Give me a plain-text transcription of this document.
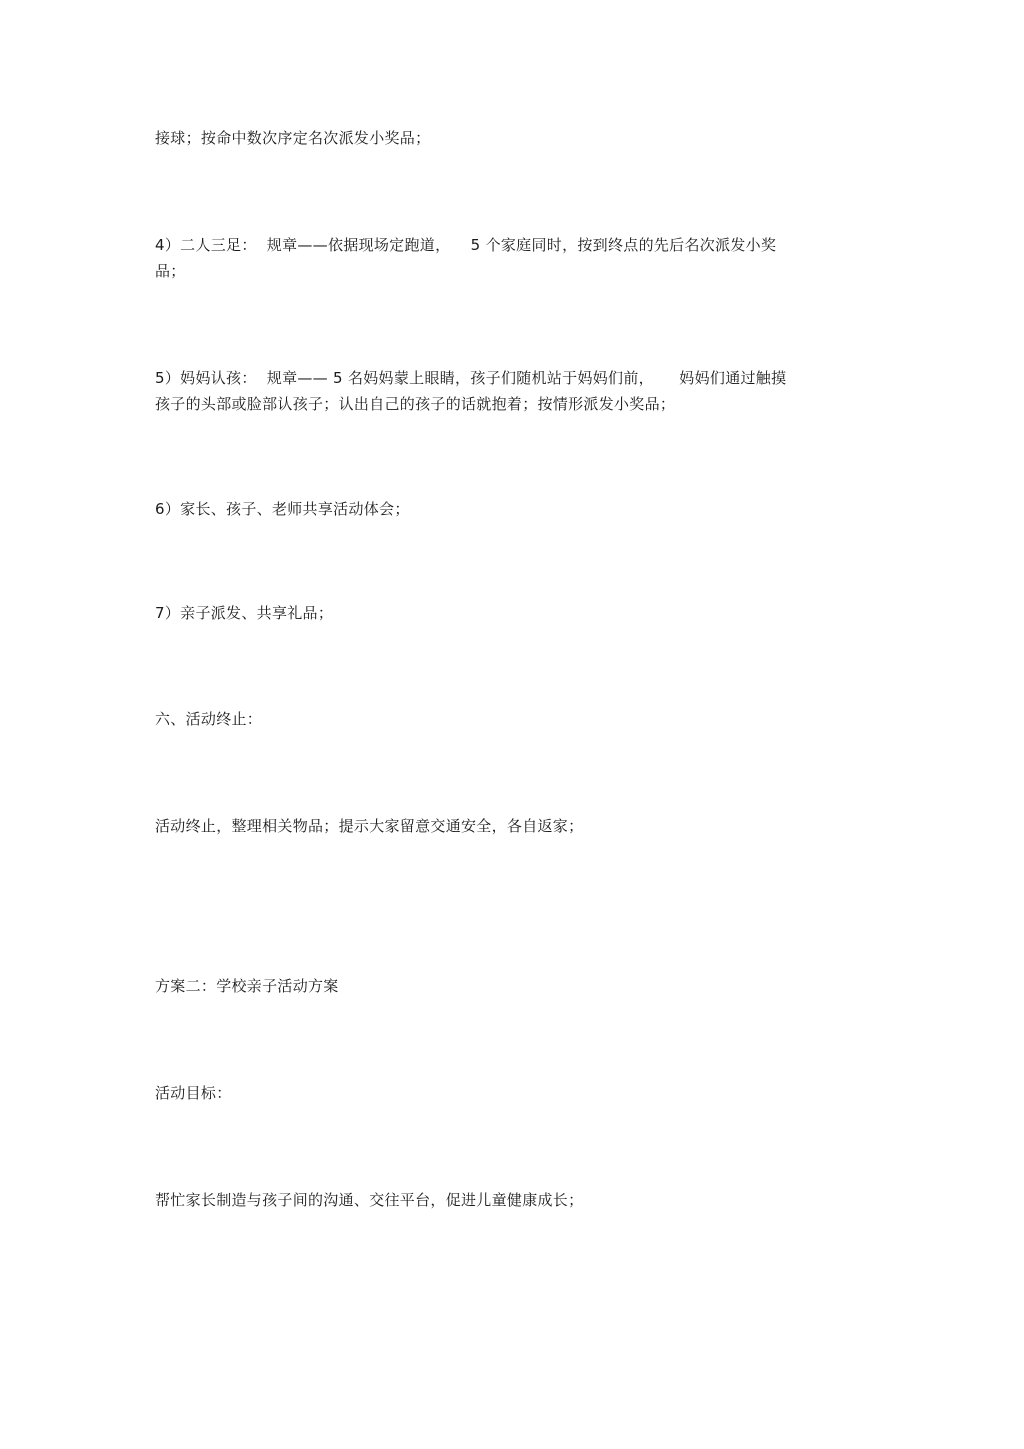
接球；按命中数次序定名次派发小奖品；
4）二人三足：  规章——依据现场定跑道，    5 个家庭同时，按到终点的先后名次派发小奖
品；
5）妈妈认孩：  规章—— 5 名妈妈蒙上眼睛，孩子们随机站于妈妈们前，     妈妈们通过触摸
孩子的头部或脸部认孩子；认出自己的孩子的话就抱着；按情形派发小奖品；
6）家长、孩子、老师共享活动体会；
7）亲子派发、共享礼品；
六、活动终止：
活动终止，整理相关物品；提示大家留意交通安全，各自返家；
方案二：学校亲子活动方案
活动目标：
帮忙家长制造与孩子间的沟通、交往平台，促进儿童健康成长；
